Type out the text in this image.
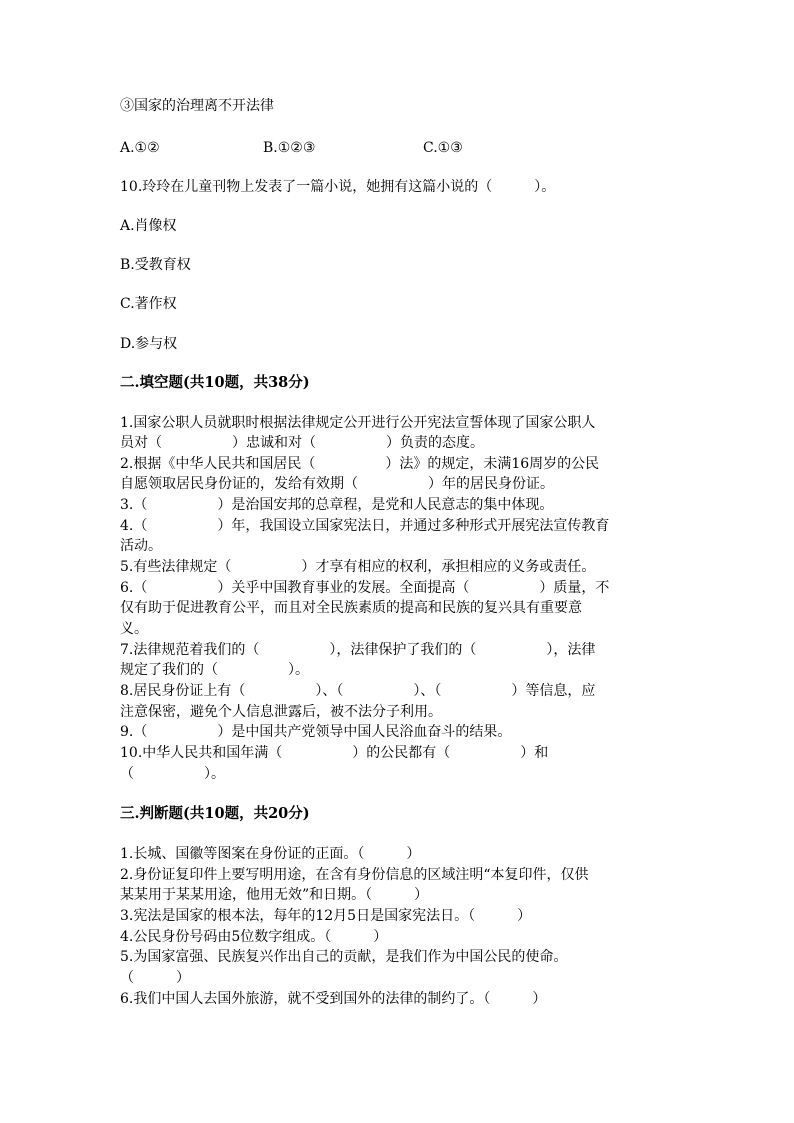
③国家的治理离不开法律

A.①②	B.①②③	C.①③

10.玲玲在儿童刊物上发表了一篇小说，她拥有这篇小说的（　　　）。

A.肖像权

B.受教育权

C.著作权

D.参与权

二.填空题(共10题，共38分)

1.国家公职人员就职时根据法律规定公开进行公开宪法宣誓体现了国家公职人

员对（　　　　　）忠诚和对（　　　　　）负责的态度。

2.根据《中华人民共和国居民（　　　　　）法》的规定，未满16周岁的公民

自愿领取居民身份证的，发给有效期（　　　　　）年的居民身份证。

3.（　　　　　）是治国安邦的总章程，是党和人民意志的集中体现。

4.（　　　　　）年，我国设立国家宪法日，并通过多种形式开展宪法宣传教育

活动。

5.有些法律规定（　　　　　）才享有相应的权利，承担相应的义务或责任。

6.（　　　　　）关乎中国教育事业的发展。全面提高（　　　　　）质量，不

仅有助于促进教育公平，而且对全民族素质的提高和民族的复兴具有重要意

义。

7.法律规范着我们的（　　　　　），法律保护了我们的（　　　　　），法律

规定了我们的（　　　　　）。

8.居民身份证上有（　　　　　）、（　　　　　）、（　　　　　）等信息，应

注意保密，避免个人信息泄露后，被不法分子利用。

9.（　　　　　）是中国共产党领导中国人民浴血奋斗的结果。

10.中华人民共和国年满（　　　　　）的公民都有（　　　　　）和

（　　　　　）。

三.判断题(共10题，共20分)

1.长城、国徽等图案在身份证的正面。（　　　）

2.身份证复印件上要写明用途，在含有身份信息的区域注明“本复印件，仅供

某某用于某某用途，他用无效”和日期。（　　　）

3.宪法是国家的根本法，每年的12月5日是国家宪法日。（　　　）

4.公民身份号码由5位数字组成。（　　　）

5.为国家富强、民族复兴作出自己的贡献，是我们作为中国公民的使命。

（　　　）

6.我们中国人去国外旅游，就不受到国外的法律的制约了。（　　　）
